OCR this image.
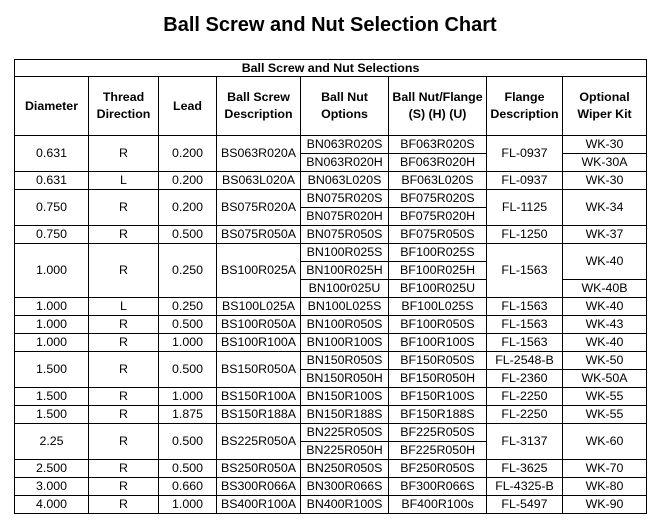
Ball Screw and Nut Selection Chart
Ball Screw and Nut Selections							
Diameter	Thread Direction	Lead	Ball Screw Description	Ball Nut Options	Ball Nut/Flange (S) (H) (U)	Flange Description	Optional Wiper Kit
0.631	R	0.200	BS063R020A	BN063R020S	BF063R020S	FL-0937	WK-30
				BN063R020H	BF063R020H		WK-30A
0.631	L	0.200	BS063L020A	BN063L020S	BF063L020S	FL-0937	WK-30
0.750	R	0.200	BS075R020A	BN075R020S	BF075R020S	FL-1125	WK-34
				BN075R020H	BF075R020H		
0.750	R	0.500	BS075R050A	BN075R050S	BF075R050S	FL-1250	WK-37
1.000	R	0.250	BS100R025A	BN100R025S	BF100R025S	FL-1563	WK-40
				BN100R025H	BF100R025H		
				BN100r025U	BF100R025U		WK-40B
1.000	L	0.250	BS100L025A	BN100L025S	BF100L025S	FL-1563	WK-40
1.000	R	0.500	BS100R050A	BN100R050S	BF100R050S	FL-1563	WK-43
1.000	R	1.000	BS100R100A	BN100R100S	BF100R100S	FL-1563	WK-40
1.500	R	0.500	BS150R050A	BN150R050S	BF150R050S	FL-2548-B	WK-50
				BN150R050H	BF150R050H	FL-2360	WK-50A
1.500	R	1.000	BS150R100A	BN150R100S	BF150R100S	FL-2250	WK-55
1.500	R	1.875	BS150R188A	BN150R188S	BF150R188S	FL-2250	WK-55
2.25	R	0.500	BS225R050A	BN225R050S	BF225R050S	FL-3137	WK-60
				BN225R050H	BF225R050H		
2.500	R	0.500	BS250R050A	BN250R050S	BF250R050S	FL-3625	WK-70
3.000	R	0.660	BS300R066A	BN300R066S	BF300R066S	FL-4325-B	WK-80
4.000	R	1.000	BS400R100A	BN400R100S	BF400R100s	FL-5497	WK-90
